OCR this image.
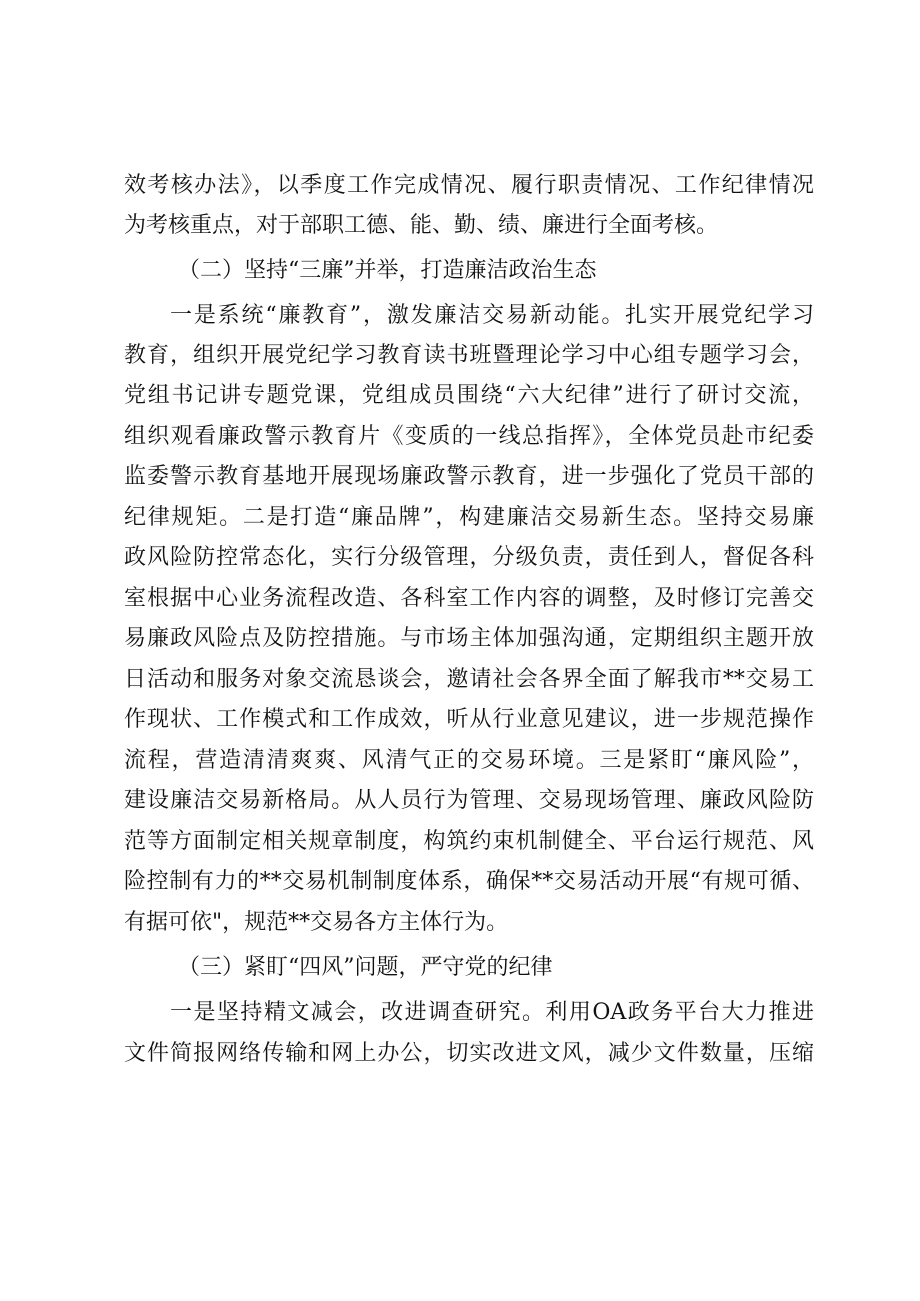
效考核办法》，以季度工作完成情况、履行职责情况、工作纪律情况
为考核重点，对于部职工德、能、勤、绩、廉进行全面考核。
（二）坚持“三廉”并举，打造廉洁政治生态
一是系统“廉教育”，激发廉洁交易新动能。扎实开展党纪学习
教育，组织开展党纪学习教育读书班暨理论学习中心组专题学习会，
党组书记讲专题党课，党组成员围绕“六大纪律”进行了研讨交流，
组织观看廉政警示教育片《变质的一线总指挥》，全体党员赴市纪委
监委警示教育基地开展现场廉政警示教育，进一步强化了党员干部的
纪律规矩。二是打造“廉品牌”，构建廉洁交易新生态。坚持交易廉
政风险防控常态化，实行分级管理，分级负责，责任到人，督促各科
室根据中心业务流程改造、各科室工作内容的调整，及时修订完善交
易廉政风险点及防控措施。与市场主体加强沟通，定期组织主题开放
日活动和服务对象交流恳谈会，邀请社会各界全面了解我市**交易工
作现状、工作模式和工作成效，听从行业意见建议，进一步规范操作
流程，营造清清爽爽、风清气正的交易环境。三是紧盯“廉风险”，
建设廉洁交易新格局。从人员行为管理、交易现场管理、廉政风险防
范等方面制定相关规章制度，构筑约束机制健全、平台运行规范、风
险控制有力的**交易机制制度体系，确保**交易活动开展“有规可循、
有据可依"，规范**交易各方主体行为。
（三）紧盯“四风”问题，严守党的纪律
一是坚持精文减会，改进调查研究。利用OA政务平台大力推进
文件简报网络传输和网上办公，切实改进文风，减少文件数量，压缩
